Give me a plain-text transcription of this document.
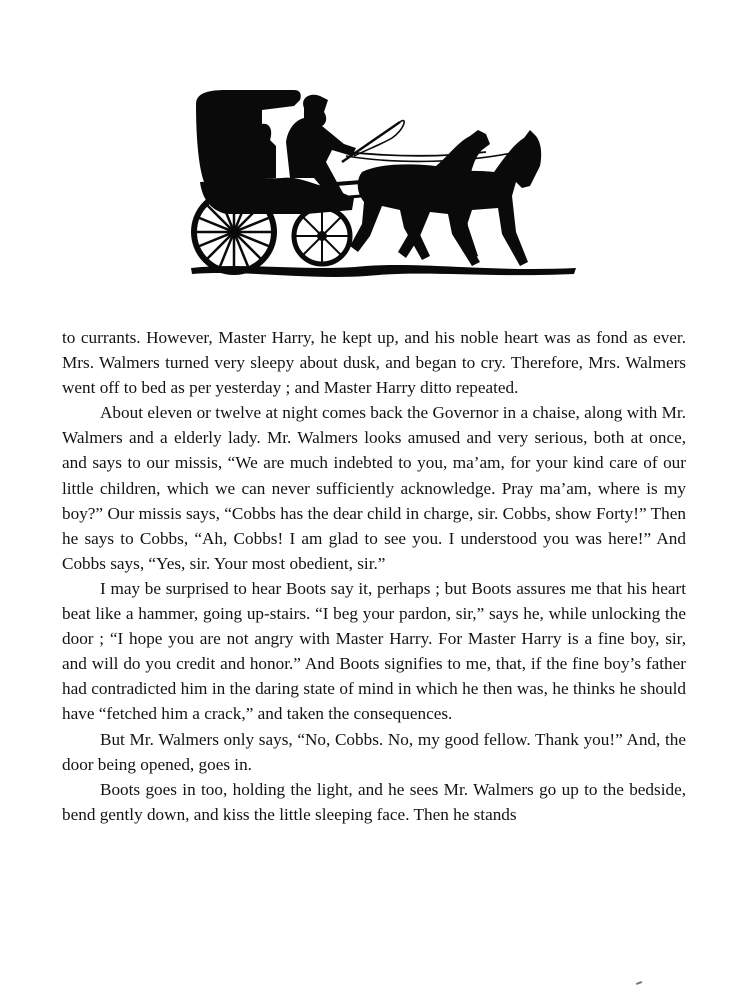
to currants. However, Master Harry, he kept up, and his noble heart was as fond as ever. Mrs. Walmers turned very sleepy about dusk, and began to cry. Therefore, Mrs. Walmers went off to bed as per yesterday ; and Master Harry ditto repeated.

About eleven or twelve at night comes back the Governor in a chaise, along with Mr. Walmers and a elderly lady. Mr. Walmers looks amused and very serious, both at once, and says to our missis, “We are much indebted to you, ma’am, for your kind care of our little children, which we can never sufficiently acknowledge. Pray ma’am, where is my boy?” Our missis says, “Cobbs has the dear child in charge, sir. Cobbs, show Forty!” Then he says to Cobbs, “Ah, Cobbs! I am glad to see you. I understood you was here!” And Cobbs says, “Yes, sir. Your most obedient, sir.”

I may be surprised to hear Boots say it, perhaps ; but Boots assures me that his heart beat like a hammer, going up-stairs. “I beg your pardon, sir,” says he, while unlocking the door ; “I hope you are not angry with Master Harry. For Master Harry is a fine boy, sir, and will do you credit and honor.” And Boots signifies to me, that, if the fine boy’s father had contradicted him in the daring state of mind in which he then was, he thinks he should have “fetched him a crack,” and taken the consequences.

But Mr. Walmers only says, “No, Cobbs. No, my good fellow. Thank you!” And, the door being opened, goes in.

Boots goes in too, holding the light, and he sees Mr. Walmers go up to the bedside, bend gently down, and kiss the little sleeping face. Then he stands
